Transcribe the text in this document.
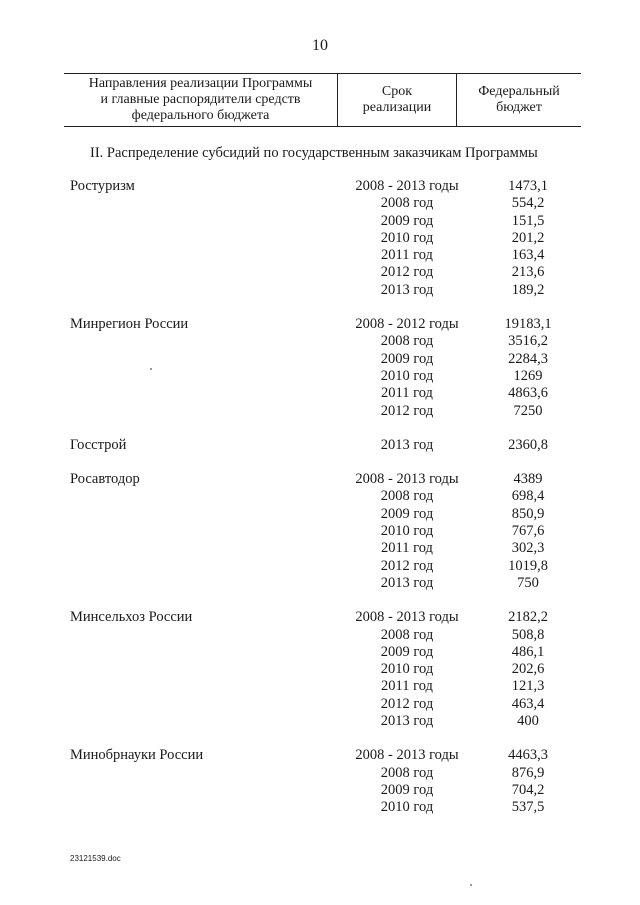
10
Направления реализации Программы
и главные распорядители средств
федерального бюджета
Срок
реализации
Федеральный
бюджет
II. Распределение субсидий по государственным заказчикам Программы
Ростуризм	2008 - 2013 годы	1473,1
2008 год	554,2
2009 год	151,5
2010 год	201,2
2011 год	163,4
2012 год	213,6
2013 год	189,2
Минрегион России	2008 - 2012 годы	19183,1
2008 год	3516,2
2009 год	2284,3
2010 год	1269
2011 год	4863,6
2012 год	7250
Госстрой	2013 год	2360,8
Росавтодор	2008 - 2013 годы	4389
2008 год	698,4
2009 год	850,9
2010 год	767,6
2011 год	302,3
2012 год	1019,8
2013 год	750
Минсельхоз России	2008 - 2013 годы	2182,2
2008 год	508,8
2009 год	486,1
2010 год	202,6
2011 год	121,3
2012 год	463,4
2013 год	400
Минобрнауки России	2008 - 2013 годы	4463,3
2008 год	876,9
2009 год	704,2
2010 год	537,5
23121539.doc
